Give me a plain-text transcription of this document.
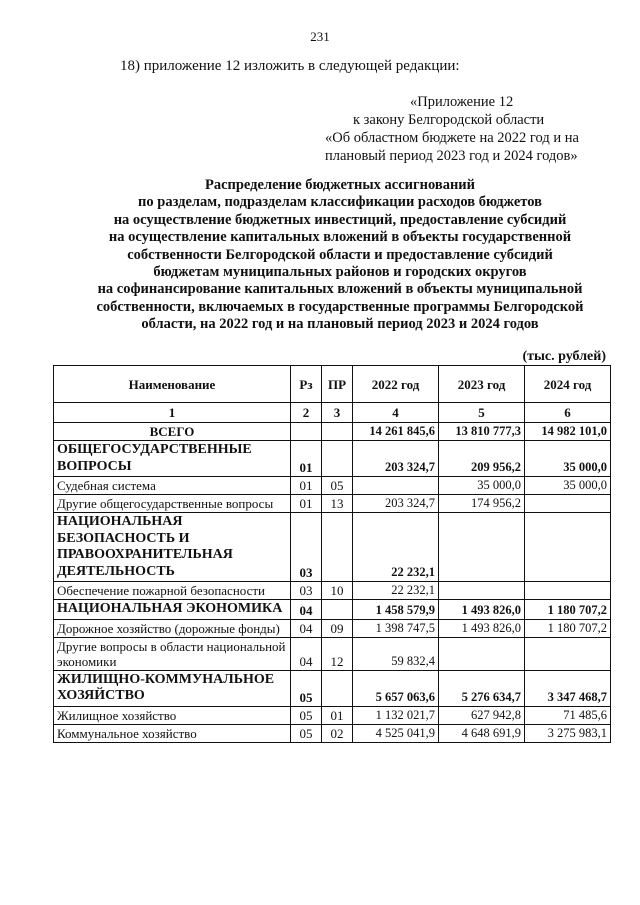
231
18) приложение 12 изложить в следующей редакции:
«Приложение 12
к закону Белгородской области
«Об областном бюджете на 2022 год и на
плановый период 2023 год и 2024 годов»
Распределение бюджетных ассигнований
по разделам, подразделам классификации расходов бюджетов
на осуществление бюджетных инвестиций, предоставление субсидий
на осуществление капитальных вложений в объекты государственной
собственности Белгородской области и предоставление субсидий
бюджетам муниципальных районов и городских округов
на софинансирование капитальных вложений в объекты муниципальной
собственности, включаемых в государственные программы Белгородской
области, на 2022 год и на плановый период 2023 и 2024 годов
(тыс. рублей)
Наименование	Рз	ПР	2022 год	2023 год	2024 год
1	2	3	4	5	6
ВСЕГО			14 261 845,6	13 810 777,3	14 982 101,0
ОБЩЕГОСУДАРСТВЕННЫЕ ВОПРОСЫ	01		203 324,7	209 956,2	35 000,0
Судебная система	01	05		35 000,0	35 000,0
Другие общегосударственные вопросы	01	13	203 324,7	174 956,2	
НАЦИОНАЛЬНАЯ БЕЗОПАСНОСТЬ И ПРАВООХРАНИТЕЛЬНАЯ ДЕЯТЕЛЬНОСТЬ	03		22 232,1		
Обеспечение пожарной безопасности	03	10	22 232,1		
НАЦИОНАЛЬНАЯ ЭКОНОМИКА	04		1 458 579,9	1 493 826,0	1 180 707,2
Дорожное хозяйство (дорожные фонды)	04	09	1 398 747,5	1 493 826,0	1 180 707,2
Другие вопросы в области национальной экономики	04	12	59 832,4		
ЖИЛИЩНО-КОММУНАЛЬНОЕ ХОЗЯЙСТВО	05		5 657 063,6	5 276 634,7	3 347 468,7
Жилищное хозяйство	05	01	1 132 021,7	627 942,8	71 485,6
Коммунальное хозяйство	05	02	4 525 041,9	4 648 691,9	3 275 983,1
